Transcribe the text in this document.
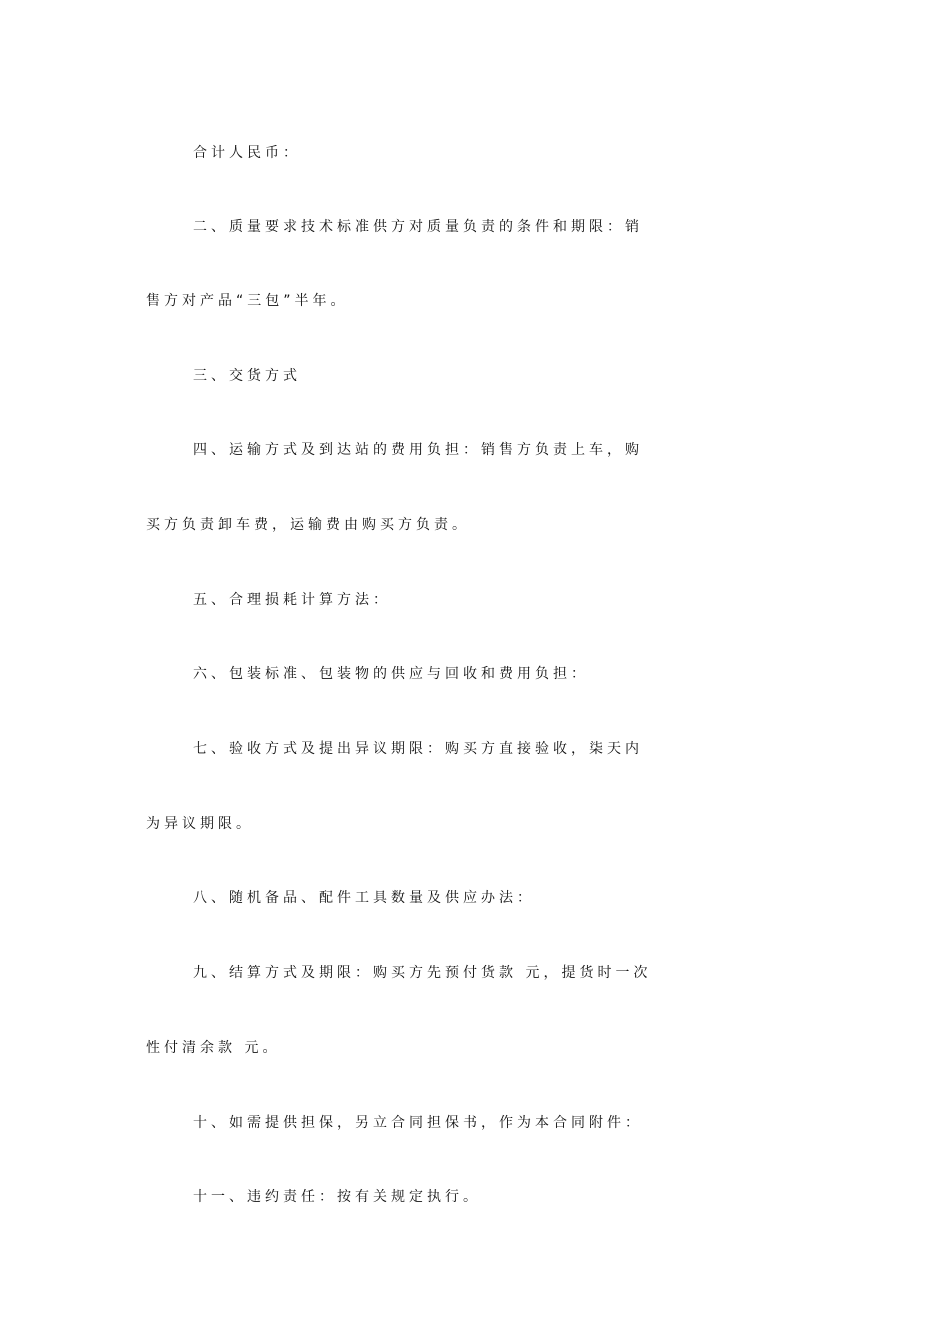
合计人民币：
二、质量要求技术标准供方对质量负责的条件和期限：销
售方对产品“三包”半年。
三、交货方式
四、运输方式及到达站的费用负担：销售方负责上车，购
买方负责卸车费，运输费由购买方负责。
五、合理损耗计算方法：
六、包装标准、包装物的供应与回收和费用负担：
七、验收方式及提出异议期限：购买方直接验收，柒天内
为异议期限。
八、随机备品、配件工具数量及供应办法：
九、结算方式及期限：购买方先预付货款 元，提货时一次
性付清余款 元。
十、如需提供担保，另立合同担保书，作为本合同附件：
十一、违约责任：按有关规定执行。
